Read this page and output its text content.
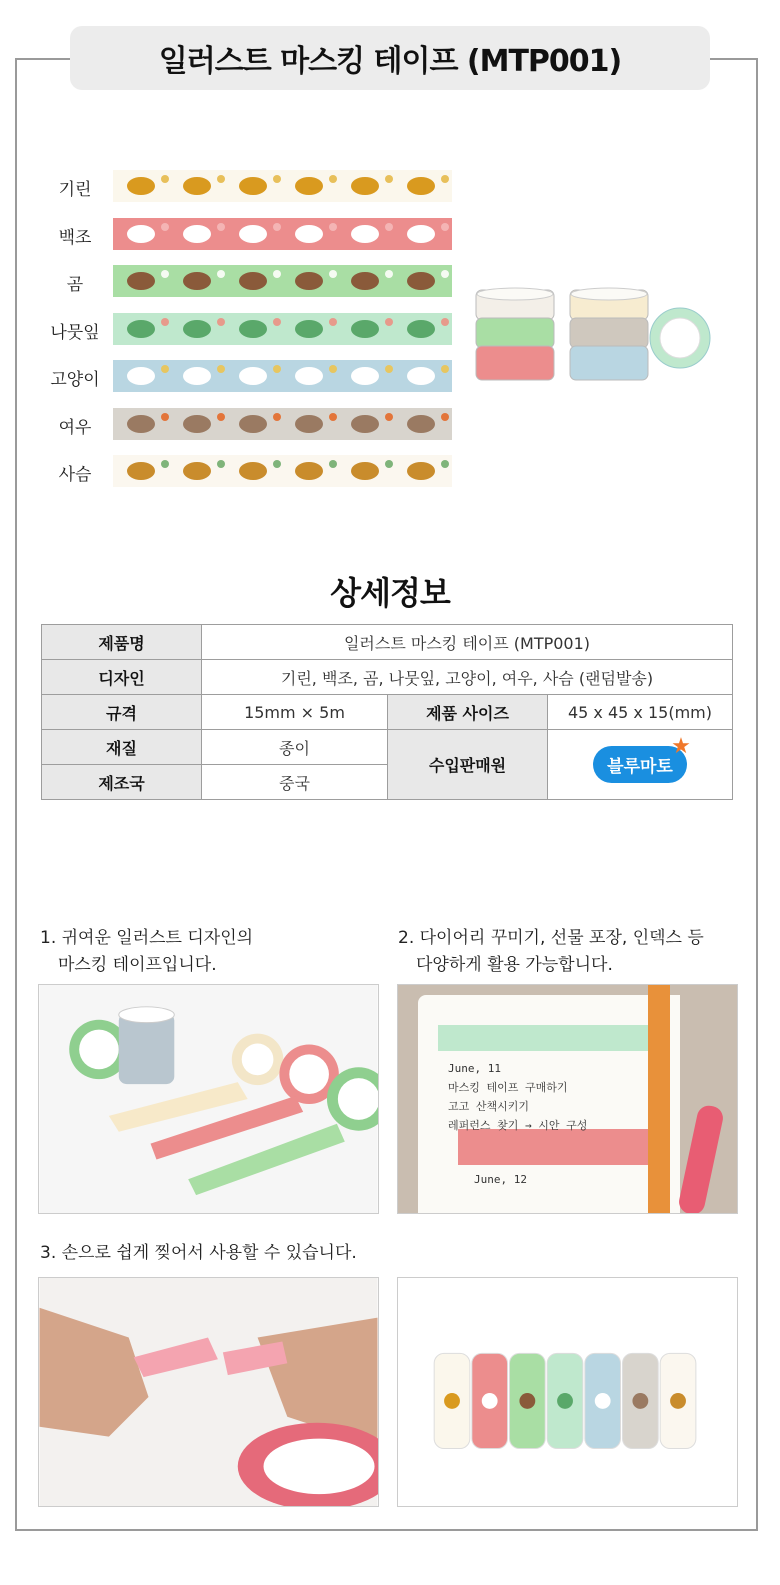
일러스트 마스킹 테이프 (MTP001)
기린
백조
곰
나뭇잎
고양이
여우
사슴
상세정보
제품명	일러스트 마스킹 테이프 (MTP001)		
디자인	기린, 백조, 곰, 나뭇잎, 고양이, 여우, 사슴 (랜덤발송)		
규격	15mm × 5m	제품 사이즈	45 x 45 x 15(mm)
재질	종이	수입판매원	블루마토
★

제조국	중국		
1. 귀여운 일러스트 디자인의
마스킹 테이프입니다.
2. 다이어리 꾸미기, 선물 포장, 인덱스 등
다양하게 활용 가능합니다.
3. 손으로 쉽게 찢어서 사용할 수 있습니다.
June, 11
마스킹 테이프 구매하기
고고 산책시키기
레퍼런스 찾기 → 시안 구성
June, 12
